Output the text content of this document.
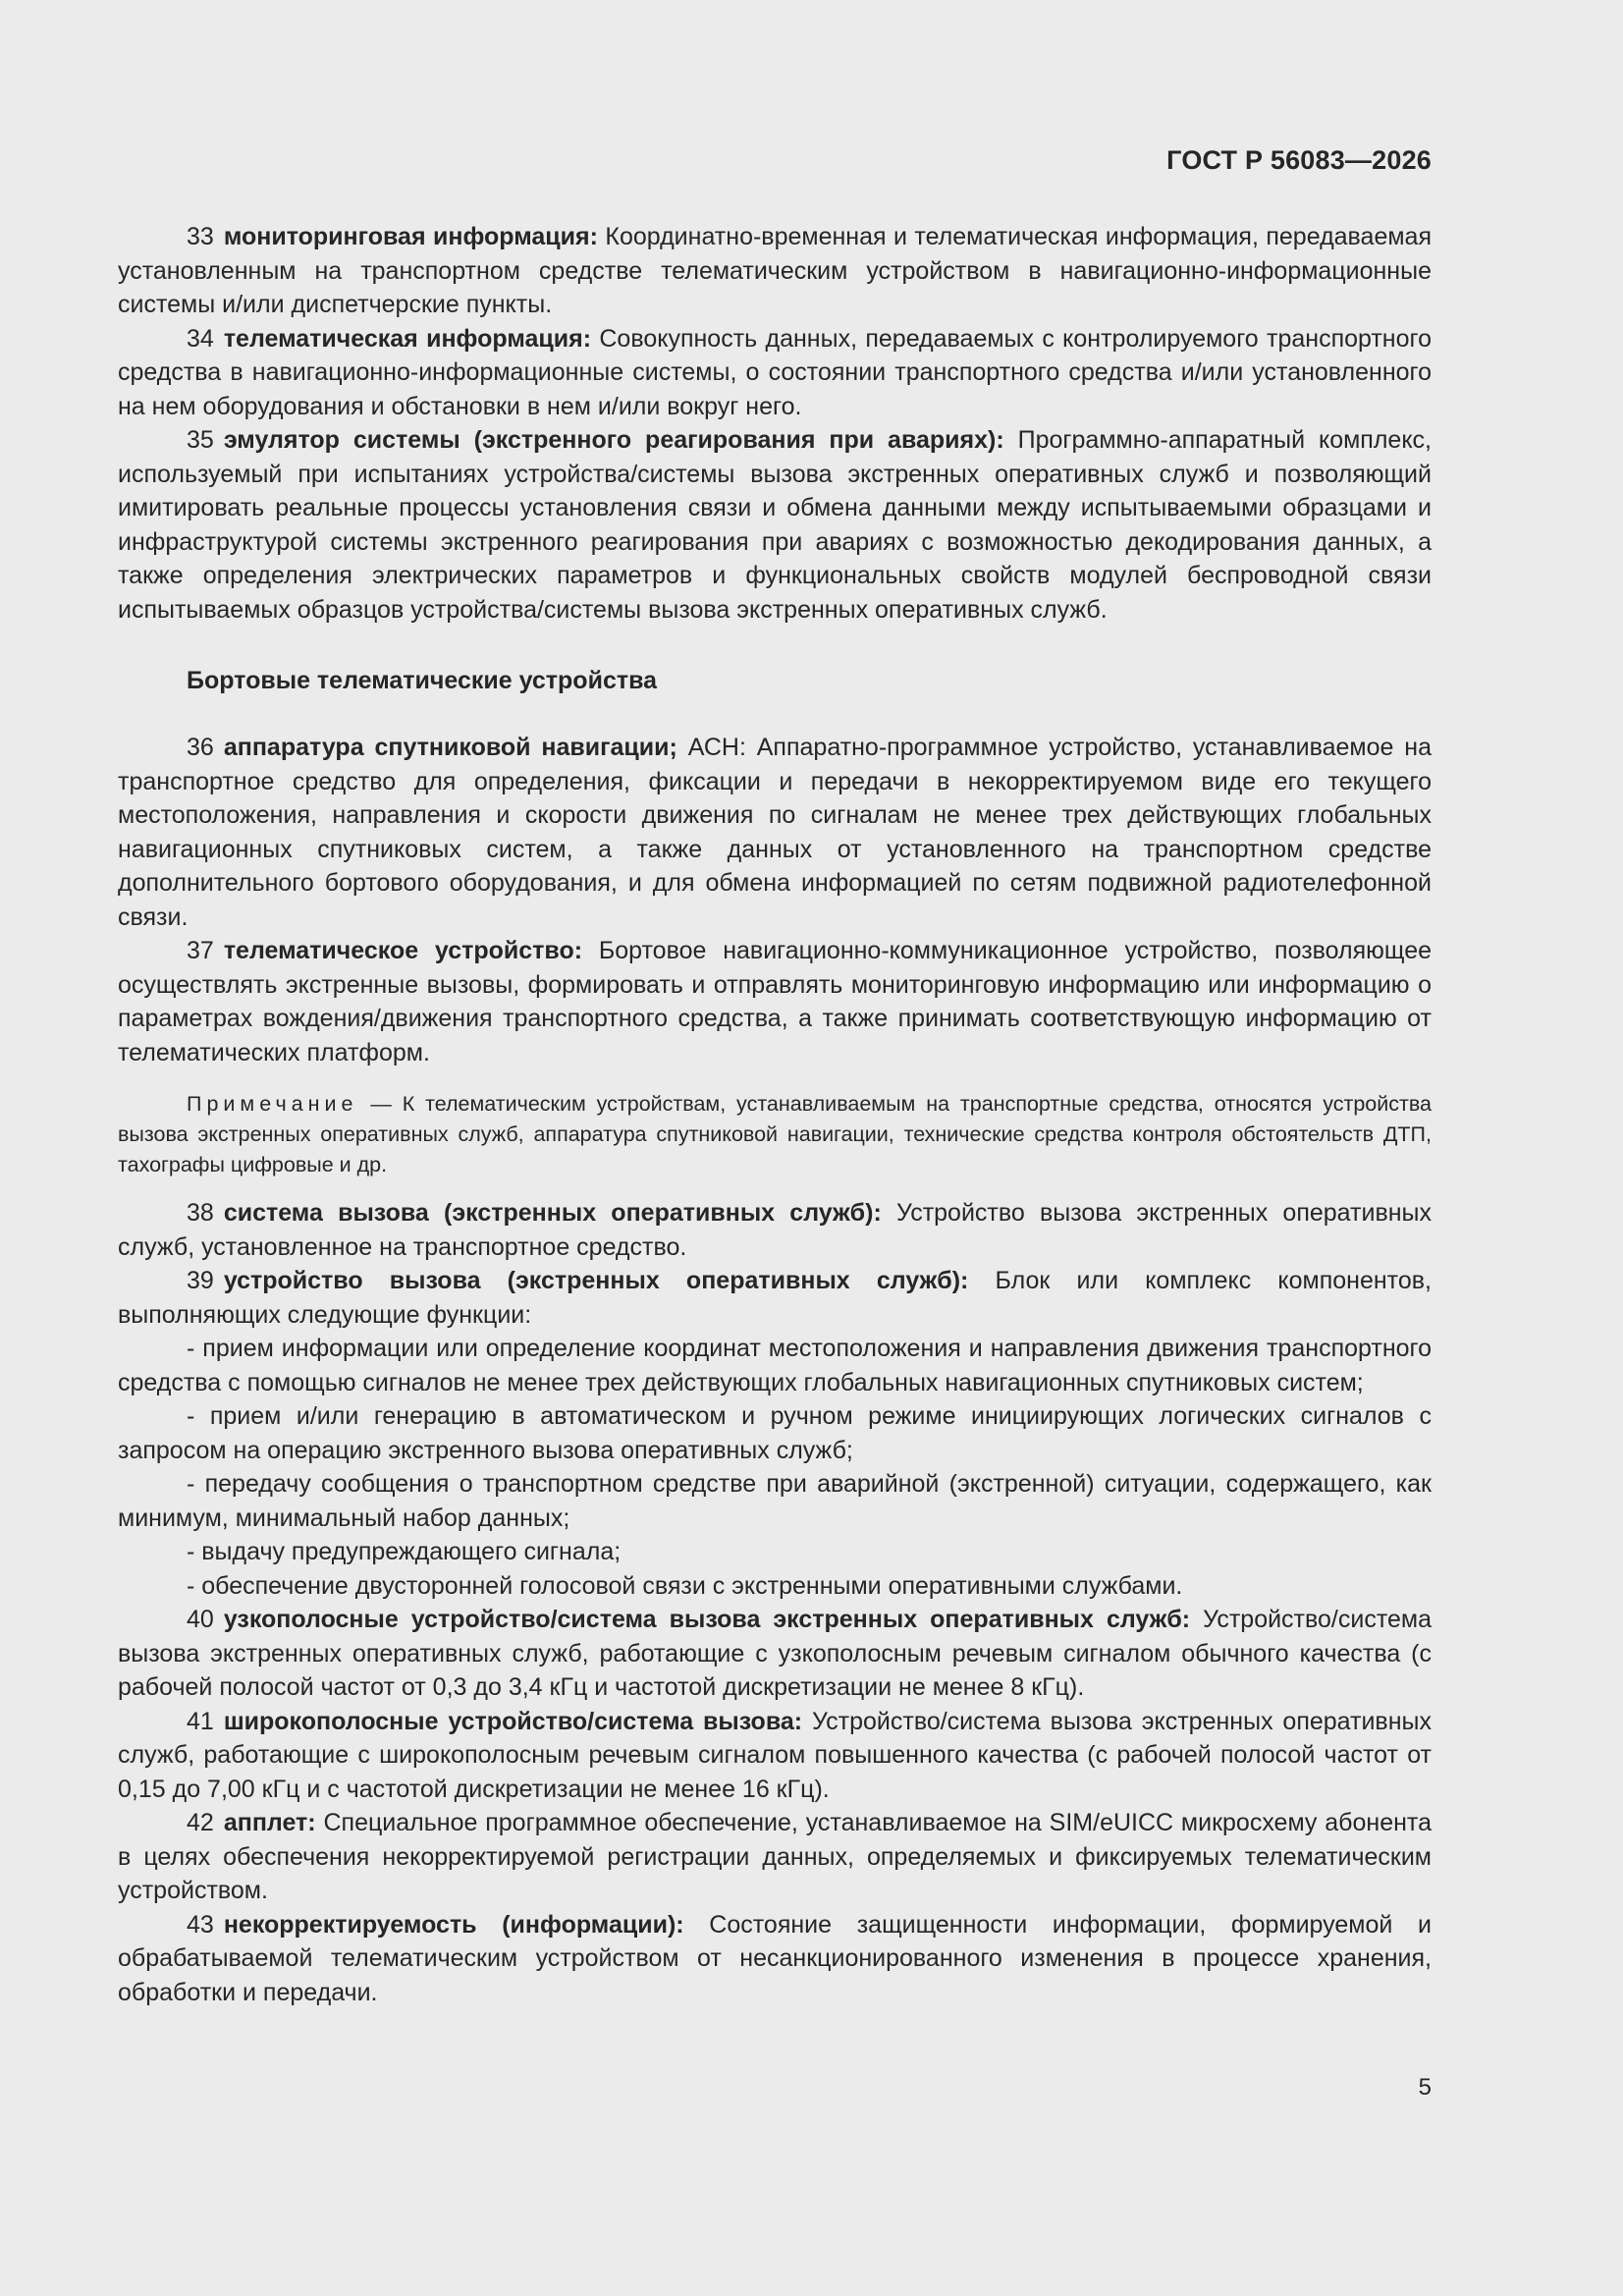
ГОСТ Р 56083—2026

33 мониторинговая информация: Координатно-временная и телематическая информация, передаваемая установленным на транспортном средстве телематическим устройством в навигационно-информационные системы и/или диспетчерские пункты.

34 телематическая информация: Совокупность данных, передаваемых с контролируемого транспортного средства в навигационно-информационные системы, о состоянии транспортного средства и/или установленного на нем оборудования и обстановки в нем и/или вокруг него.

35 эмулятор системы (экстренного реагирования при авариях): Программно-аппаратный комплекс, используемый при испытаниях устройства/системы вызова экстренных оперативных служб и позволяющий имитировать реальные процессы установления связи и обмена данными между испытываемыми образцами и инфраструктурой системы экстренного реагирования при авариях с возможностью декодирования данных, а также определения электрических параметров и функциональных свойств модулей беспроводной связи испытываемых образцов устройства/системы вызова экстренных оперативных служб.

Бортовые телематические устройства

36 аппаратура спутниковой навигации; АСН: Аппаратно-программное устройство, устанавливаемое на транспортное средство для определения, фиксации и передачи в некорректируемом виде его текущего местоположения, направления и скорости движения по сигналам не менее трех действующих глобальных навигационных спутниковых систем, а также данных от установленного на транспортном средстве дополнительного бортового оборудования, и для обмена информацией по сетям подвижной радиотелефонной связи.

37 телематическое устройство: Бортовое навигационно-коммуникационное устройство, позволяющее осуществлять экстренные вызовы, формировать и отправлять мониторинговую информацию или информацию о параметрах вождения/движения транспортного средства, а также принимать соответствующую информацию от телематических платформ.

Примечание — К телематическим устройствам, устанавливаемым на транспортные средства, относятся устройства вызова экстренных оперативных служб, аппаратура спутниковой навигации, технические средства контроля обстоятельств ДТП, тахографы цифровые и др.

38 система вызова (экстренных оперативных служб): Устройство вызова экстренных оперативных служб, установленное на транспортное средство.

39 устройство вызова (экстренных оперативных служб): Блок или комплекс компонентов, выполняющих следующие функции:

- прием информации или определение координат местоположения и направления движения транспортного средства с помощью сигналов не менее трех действующих глобальных навигационных спутниковых систем;

- прием и/или генерацию в автоматическом и ручном режиме инициирующих логических сигналов с запросом на операцию экстренного вызова оперативных служб;

- передачу сообщения о транспортном средстве при аварийной (экстренной) ситуации, содержащего, как минимум, минимальный набор данных;

- выдачу предупреждающего сигнала;

- обеспечение двусторонней голосовой связи с экстренными оперативными службами.

40 узкополосные устройство/система вызова экстренных оперативных служб: Устройство/система вызова экстренных оперативных служб, работающие с узкополосным речевым сигналом обычного качества (с рабочей полосой частот от 0,3 до 3,4 кГц и частотой дискретизации не менее 8 кГц).

41 широкополосные устройство/система вызова: Устройство/система вызова экстренных оперативных служб, работающие с широкополосным речевым сигналом повышенного качества (с рабочей полосой частот от 0,15 до 7,00 кГц и с частотой дискретизации не менее 16 кГц).

42 апплет: Специальное программное обеспечение, устанавливаемое на SIM/eUICC микросхему абонента в целях обеспечения некорректируемой регистрации данных, определяемых и фиксируемых телематическим устройством.

43 некорректируемость (информации): Состояние защищенности информации, формируемой и обрабатываемой телематическим устройством от несанкционированного изменения в процессе хранения, обработки и передачи.

5
